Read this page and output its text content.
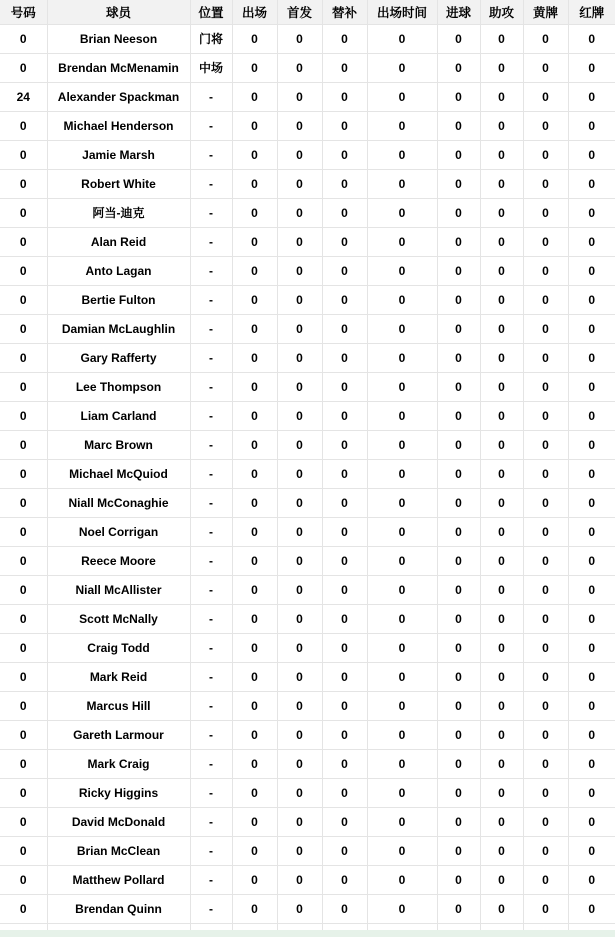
号码	球员	位置	出场	首发	替补	出场时间	进球	助攻	黄牌	红牌
0	Brian Neeson	门将	0	0	0	0	0	0	0	0
0	Brendan McMenamin	中场	0	0	0	0	0	0	0	0
24	Alexander Spackman	-	0	0	0	0	0	0	0	0
0	Michael Henderson	-	0	0	0	0	0	0	0	0
0	Jamie Marsh	-	0	0	0	0	0	0	0	0
0	Robert White	-	0	0	0	0	0	0	0	0
0	阿当-迪克	-	0	0	0	0	0	0	0	0
0	Alan Reid	-	0	0	0	0	0	0	0	0
0	Anto Lagan	-	0	0	0	0	0	0	0	0
0	Bertie Fulton	-	0	0	0	0	0	0	0	0
0	Damian McLaughlin	-	0	0	0	0	0	0	0	0
0	Gary Rafferty	-	0	0	0	0	0	0	0	0
0	Lee Thompson	-	0	0	0	0	0	0	0	0
0	Liam Carland	-	0	0	0	0	0	0	0	0
0	Marc Brown	-	0	0	0	0	0	0	0	0
0	Michael McQuiod	-	0	0	0	0	0	0	0	0
0	Niall McConaghie	-	0	0	0	0	0	0	0	0
0	Noel Corrigan	-	0	0	0	0	0	0	0	0
0	Reece Moore	-	0	0	0	0	0	0	0	0
0	Niall McAllister	-	0	0	0	0	0	0	0	0
0	Scott McNally	-	0	0	0	0	0	0	0	0
0	Craig Todd	-	0	0	0	0	0	0	0	0
0	Mark Reid	-	0	0	0	0	0	0	0	0
0	Marcus Hill	-	0	0	0	0	0	0	0	0
0	Gareth Larmour	-	0	0	0	0	0	0	0	0
0	Mark Craig	-	0	0	0	0	0	0	0	0
0	Ricky Higgins	-	0	0	0	0	0	0	0	0
0	David McDonald	-	0	0	0	0	0	0	0	0
0	Brian McClean	-	0	0	0	0	0	0	0	0
0	Matthew Pollard	-	0	0	0	0	0	0	0	0
0	Brendan Quinn	-	0	0	0	0	0	0	0	0
